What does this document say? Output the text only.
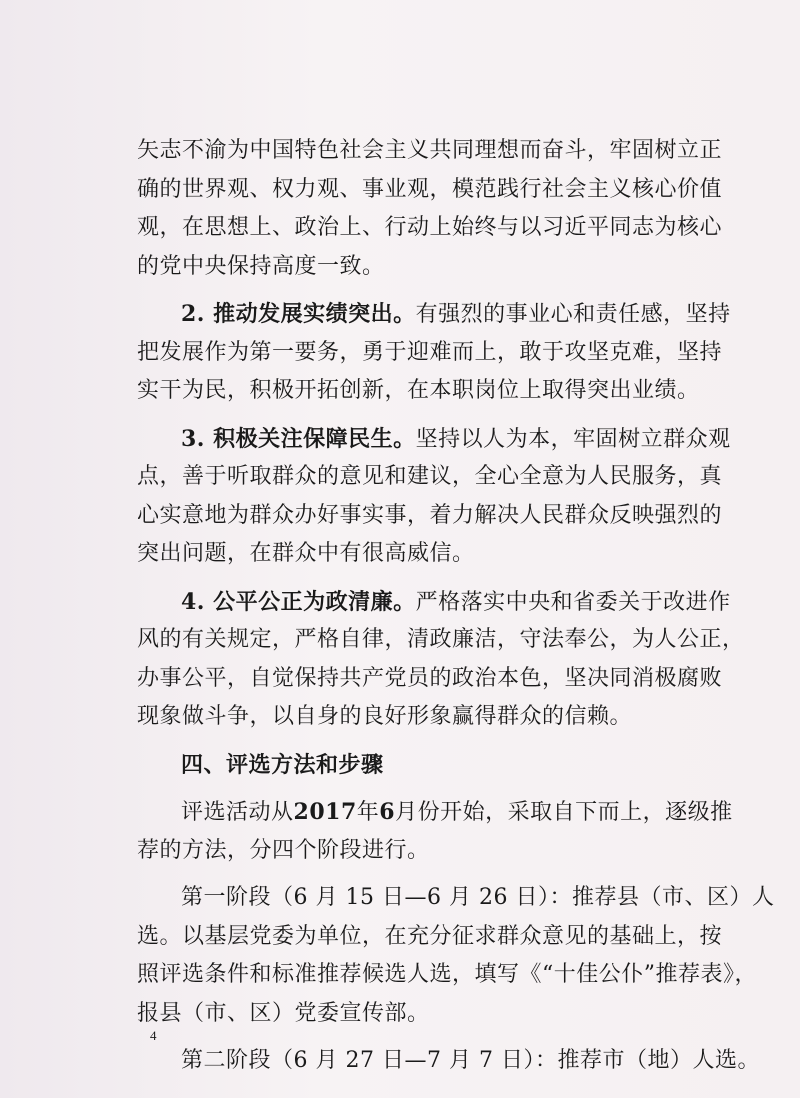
矢志不渝为中国特色社会主义共同理想而奋斗，牢固树立正
确的世界观、权力观、事业观，模范践行社会主义核心价值
观，在思想上、政治上、行动上始终与以习近平同志为核心
的党中央保持高度一致。
2. 推动发展实绩突出。有强烈的事业心和责任感，坚持
把发展作为第一要务，勇于迎难而上，敢于攻坚克难，坚持
实干为民，积极开拓创新，在本职岗位上取得突出业绩。
3. 积极关注保障民生。坚持以人为本，牢固树立群众观
点，善于听取群众的意见和建议，全心全意为人民服务，真
心实意地为群众办好事实事，着力解决人民群众反映强烈的
突出问题，在群众中有很高威信。
4. 公平公正为政清廉。严格落实中央和省委关于改进作
风的有关规定，严格自律，清政廉洁，守法奉公，为人公正，
办事公平，自觉保持共产党员的政治本色，坚决同消极腐败
现象做斗争，以自身的良好形象赢得群众的信赖。
四、评选方法和步骤
评选活动从2017年6月份开始，采取自下而上，逐级推
荐的方法，分四个阶段进行。
第一阶段（6 月 15 日—6 月 26 日）：推荐县（市、区）人
选。以基层党委为单位，在充分征求群众意见的基础上，按
照评选条件和标准推荐候选人选，填写《“十佳公仆”推荐表》，
报县（市、区）党委宣传部。
第二阶段（6 月 27 日—7 月 7 日）：推荐市（地）人选。
4
